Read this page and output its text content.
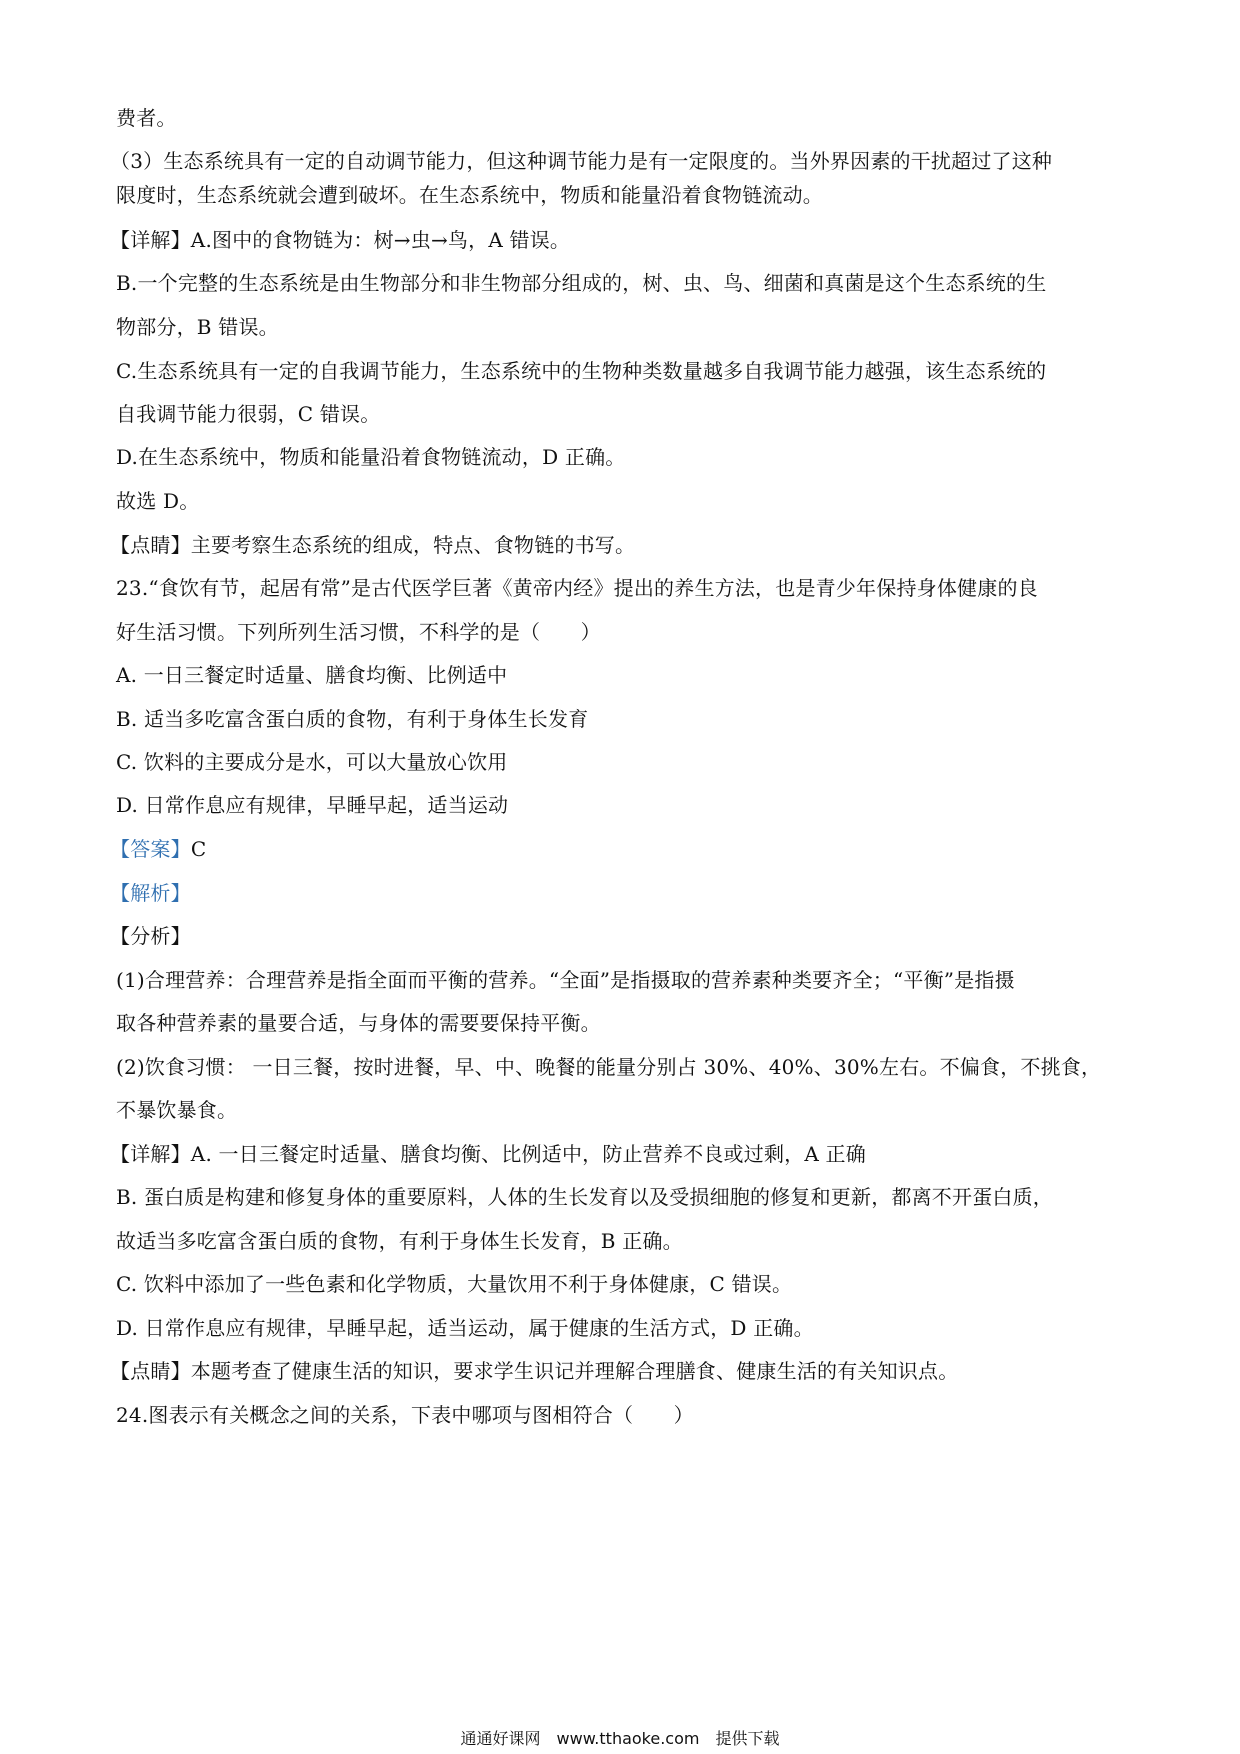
费者。
（3）生态系统具有一定的自动调节能力，但这种调节能力是有一定限度的。当外界因素的干扰超过了这种
限度时，生态系统就会遭到破坏。在生态系统中，物质和能量沿着食物链流动。
【详解】A.图中的食物链为：树→虫→鸟，A 错误。
B.一个完整的生态系统是由生物部分和非生物部分组成的，树、虫、鸟、细菌和真菌是这个生态系统的生
物部分，B 错误。
C.生态系统具有一定的自我调节能力，生态系统中的生物种类数量越多自我调节能力越强，该生态系统的
自我调节能力很弱，C 错误。
D.在生态系统中，物质和能量沿着食物链流动，D 正确。
故选 D。
【点睛】主要考察生态系统的组成，特点、食物链的书写。
23.“食饮有节，起居有常”是古代医学巨著《黄帝内经》提出的养生方法，也是青少年保持身体健康的良
好生活习惯。下列所列生活习惯，不科学的是（　　）
A. 一日三餐定时适量、膳食均衡、比例适中
B. 适当多吃富含蛋白质的食物，有利于身体生长发育
C. 饮料的主要成分是水，可以大量放心饮用
D. 日常作息应有规律，早睡早起，适当运动
【答案】C
【解析】
【分析】
(1)合理营养：合理营养是指全面而平衡的营养。“全面”是指摄取的营养素种类要齐全；“平衡”是指摄
取各种营养素的量要合适，与身体的需要要保持平衡。
(2)饮食习惯： 一日三餐，按时进餐，早、中、晚餐的能量分别占 30%、40%、30%左右。不偏食，不挑食，
不暴饮暴食。
【详解】A. 一日三餐定时适量、膳食均衡、比例适中，防止营养不良或过剩，A 正确
B. 蛋白质是构建和修复身体的重要原料，人体的生长发育以及受损细胞的修复和更新，都离不开蛋白质，
故适当多吃富含蛋白质的食物，有利于身体生长发育，B 正确。
C. 饮料中添加了一些色素和化学物质，大量饮用不利于身体健康，C 错误。
D. 日常作息应有规律，早睡早起，适当运动，属于健康的生活方式，D 正确。
【点睛】本题考查了健康生活的知识，要求学生识记并理解合理膳食、健康生活的有关知识点。
24.图表示有关概念之间的关系，下表中哪项与图相符合（　　）
通通好课网　www.tthaoke.com　提供下载
